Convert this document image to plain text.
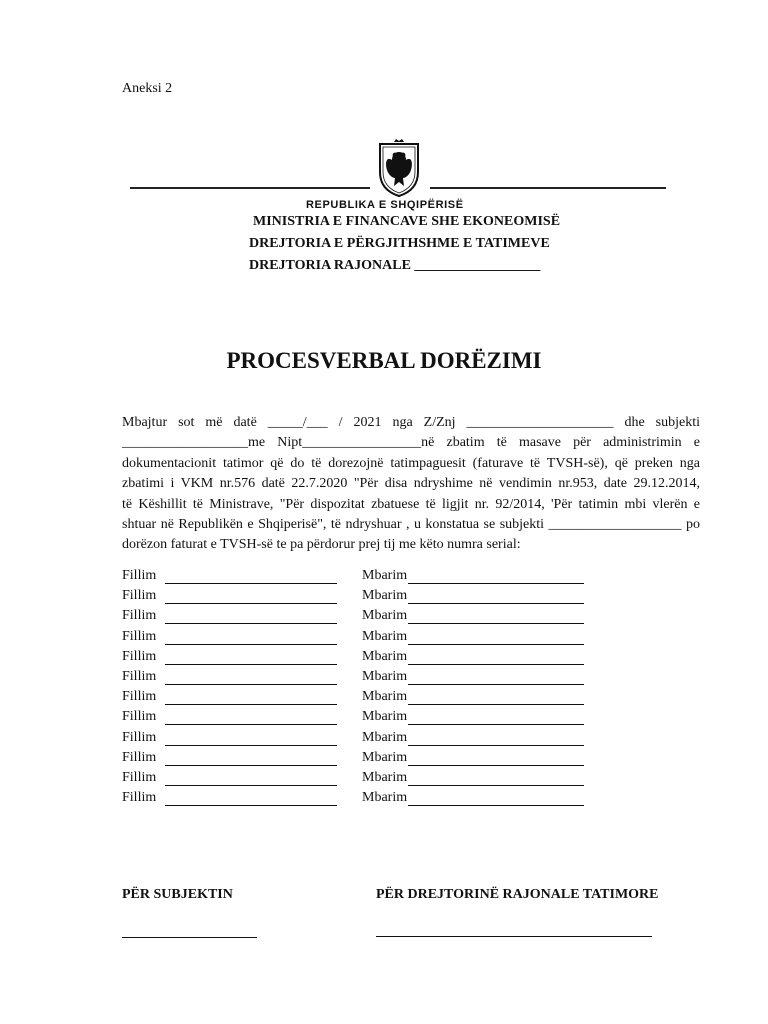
Aneksi 2
REPUBLIKA E SHQIPËRISË
MINISTRIA E FINANCAVE SHE EKONEOMISË
DREJTORIA E PËRGJITHSHME E TATIMEVE
DREJTORIA RAJONALE __________________
PROCESVERBAL DORËZIMI
Mbajtur sot më datë _____/___ / 2021 nga Z/Znj _____________________ dhe subjekti
__________________me Nipt_________________në zbatim të masave për administrimin e
dokumentacionit tatimor që do të dorezojnë tatimpaguesit (faturave të TVSH-së), që preken nga
zbatimi i VKM nr.576 datë 22.7.2020 "Për disa ndryshime në vendimin nr.953, date 29.12.2014,
të Këshillit të Ministrave, "Për dispozitat zbatuese të ligjit nr. 92/2014, 'Për tatimin mbi vlerën e
shtuar në Republikën e Shqiperisë", të ndryshuar , u konstatua se subjekti ___________________ po
dorëzon faturat e TVSH-së te pa përdorur prej tij me këto numra serial:
Fillim	Mbarim
Fillim	Mbarim
Fillim	Mbarim
Fillim	Mbarim
Fillim	Mbarim
Fillim	Mbarim
Fillim	Mbarim
Fillim	Mbarim
Fillim	Mbarim
Fillim	Mbarim
Fillim	Mbarim
Fillim	Mbarim
PËR SUBJEKTIN	PËR DREJTORINË RAJONALE TATIMORE
